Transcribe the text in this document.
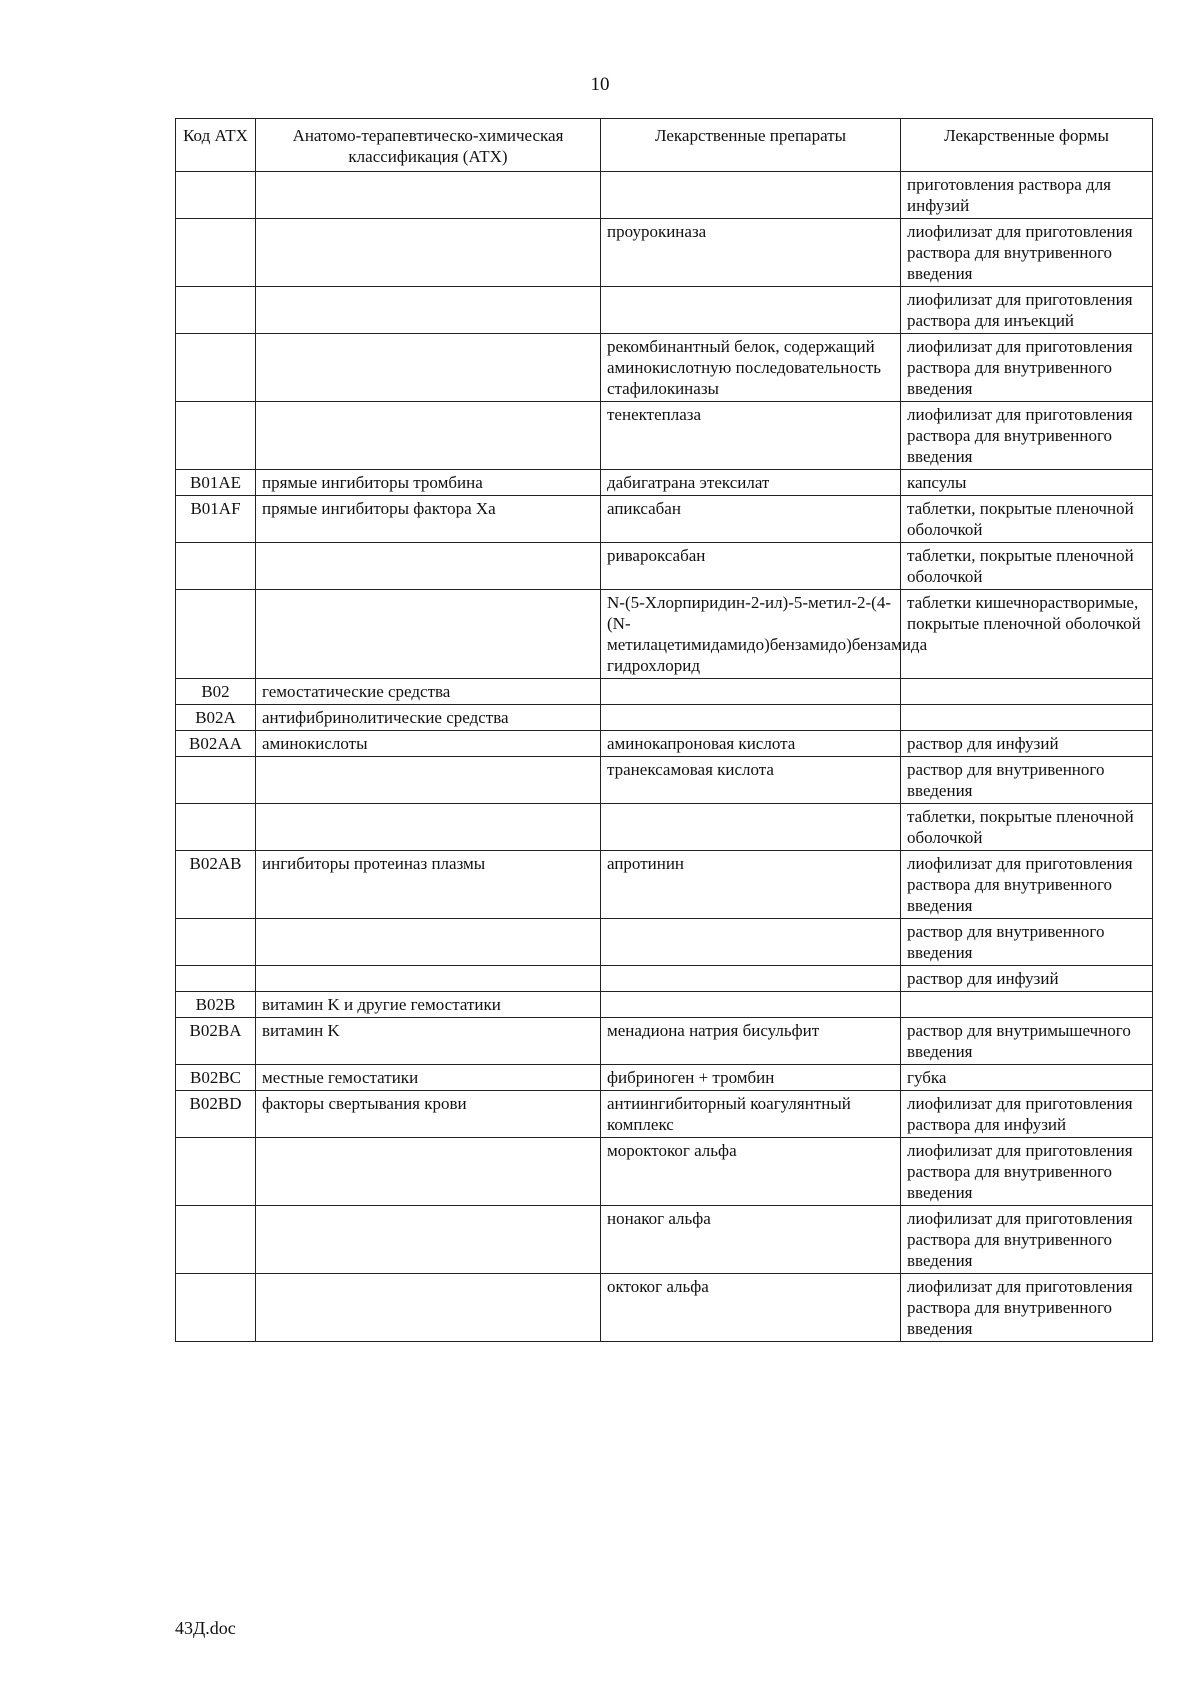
10
Код АТХ	Анатомо-терапевтическо-химическая классификация (АТХ)	Лекарственные препараты	Лекарственные формы
			приготовления раствора для инфузий
		проурокиназа	лиофилизат для приготовления раствора для внутривенного введения
			лиофилизат для приготовления раствора для инъекций
		рекомбинантный белок, содержащий аминокислотную последовательность стафилокиназы	лиофилизат для приготовления раствора для внутривенного введения
		тенектеплаза	лиофилизат для приготовления раствора для внутривенного введения
B01AE	прямые ингибиторы тромбина	дабигатрана этексилат	капсулы
B01AF	прямые ингибиторы фактора Xa	апиксабан	таблетки, покрытые пленочной оболочкой
		ривароксабан	таблетки, покрытые пленочной оболочкой
		N-(5-Хлорпиридин-2-ил)-5-метил-2-(4-(N-метилацетимидамидо)бензамидо)бензамида гидрохлорид	таблетки кишечнорастворимые, покрытые пленочной оболочкой
B02	гемостатические средства		
B02A	антифибринолитические средства		
B02AA	аминокислоты	аминокапроновая кислота	раствор для инфузий
		транексамовая кислота	раствор для внутривенного введения
			таблетки, покрытые пленочной оболочкой
B02AB	ингибиторы протеиназ плазмы	апротинин	лиофилизат для приготовления раствора для внутривенного введения
			раствор для внутривенного введения
			раствор для инфузий
B02B	витамин K и другие гемостатики		
B02BA	витамин K	менадиона натрия бисульфит	раствор для внутримышечного введения
B02BC	местные гемостатики	фибриноген + тромбин	губка
B02BD	факторы свертывания крови	антиингибиторный коагулянтный комплекс	лиофилизат для приготовления раствора для инфузий
		мороктоког альфа	лиофилизат для приготовления раствора для внутривенного введения
		нонаког альфа	лиофилизат для приготовления раствора для внутривенного введения
		октоког альфа	лиофилизат для приготовления раствора для внутривенного введения
43Д.doc
